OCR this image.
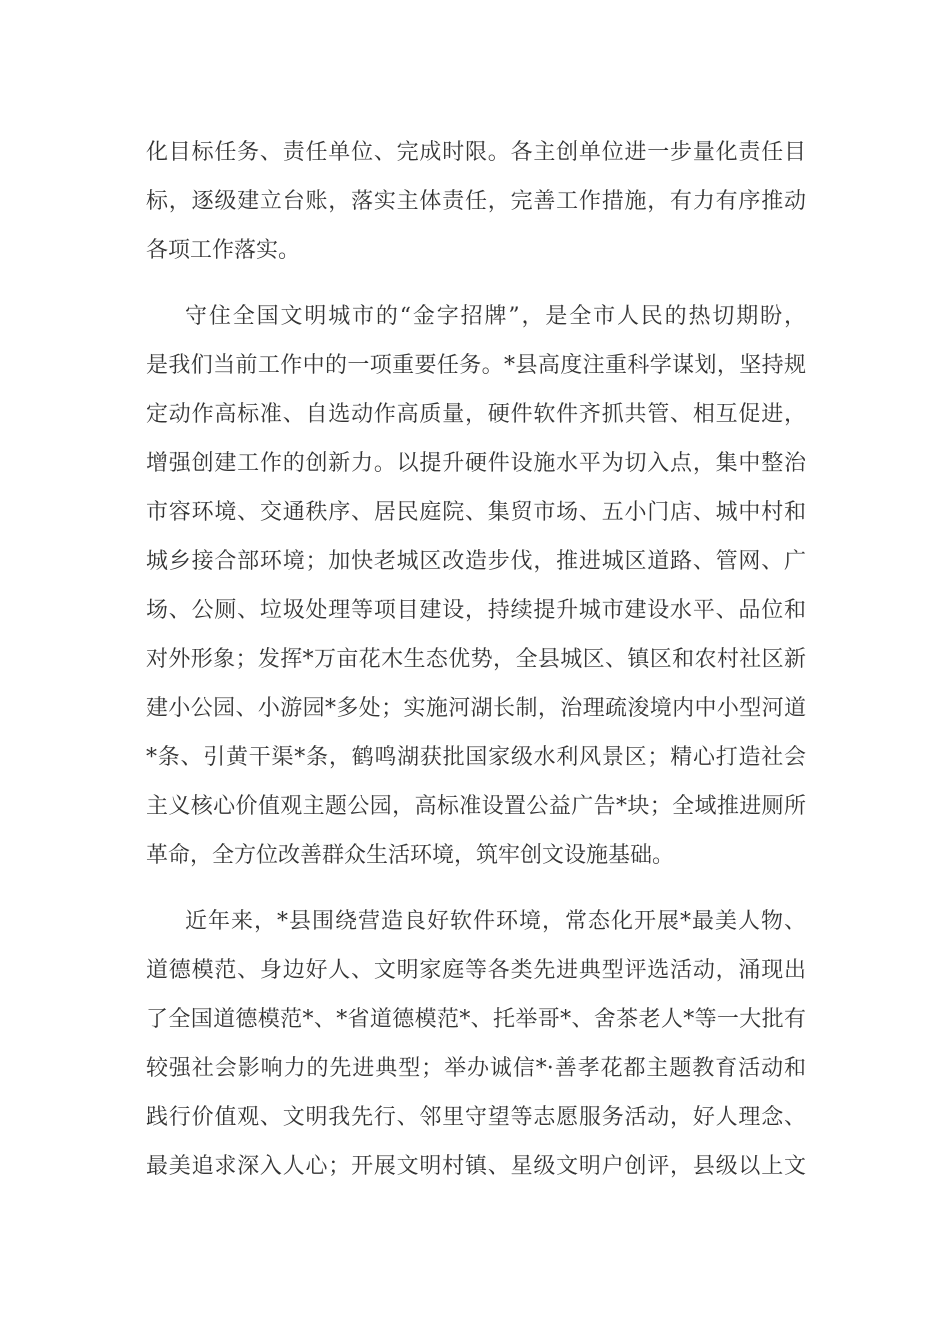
化目标任务、责任单位、完成时限。各主创单位进一步量化责任目
标，逐级建立台账，落实主体责任，完善工作措施，有力有序推动
各项工作落实。
守住全国文明城市的“金字招牌”，是全市人民的热切期盼，
是我们当前工作中的一项重要任务。*县高度注重科学谋划，坚持规
定动作高标准、自选动作高质量，硬件软件齐抓共管、相互促进，
增强创建工作的创新力。以提升硬件设施水平为切入点，集中整治
市容环境、交通秩序、居民庭院、集贸市场、五小门店、城中村和
城乡接合部环境；加快老城区改造步伐，推进城区道路、管网、广
场、公厕、垃圾处理等项目建设，持续提升城市建设水平、品位和
对外形象；发挥*万亩花木生态优势，全县城区、镇区和农村社区新
建小公园、小游园*多处；实施河湖长制，治理疏浚境内中小型河道
*条、引黄干渠*条，鹤鸣湖获批国家级水利风景区；精心打造社会
主义核心价值观主题公园，高标准设置公益广告*块；全域推进厕所
革命，全方位改善群众生活环境，筑牢创文设施基础。
近年来，*县围绕营造良好软件环境，常态化开展*最美人物、
道德模范、身边好人、文明家庭等各类先进典型评选活动，涌现出
了全国道德模范*、*省道德模范*、托举哥*、舍茶老人*等一大批有
较强社会影响力的先进典型；举办诚信*·善孝花都主题教育活动和
践行价值观、文明我先行、邻里守望等志愿服务活动，好人理念、
最美追求深入人心；开展文明村镇、星级文明户创评，县级以上文
